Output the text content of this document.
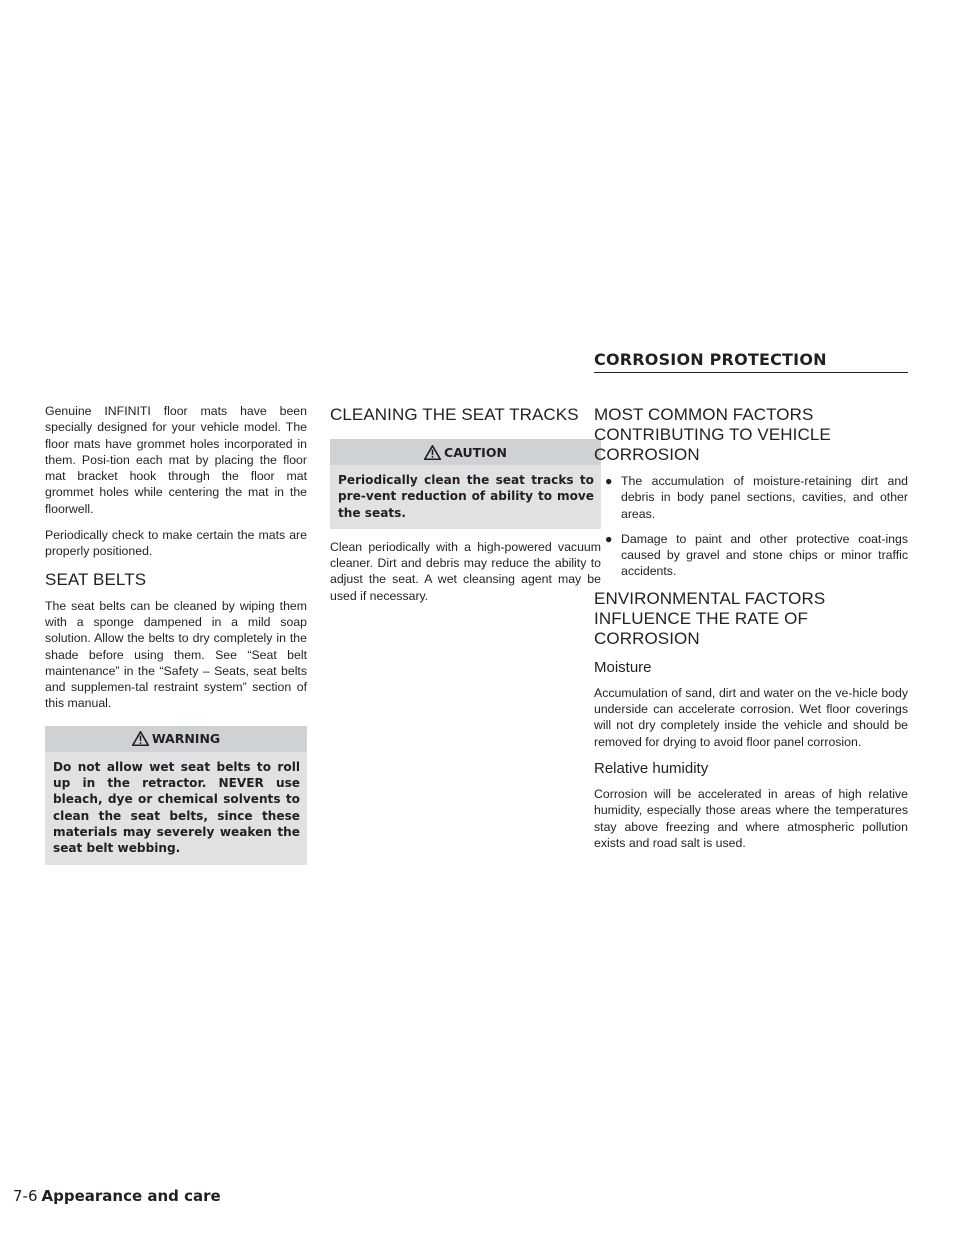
CORROSION PROTECTION

Genuine INFINITI floor mats have been specially designed for your vehicle model. The floor mats have grommet holes incorporated in them. Posi-tion each mat by placing the floor mat bracket hook through the floor mat grommet holes while centering the mat in the floorwell.

Periodically check to make certain the mats are properly positioned.

SEAT BELTS

The seat belts can be cleaned by wiping them with a sponge dampened in a mild soap solution. Allow the belts to dry completely in the shade before using them. See “Seat belt maintenance” in the “Safety – Seats, seat belts and supplemen-tal restraint system” section of this manual.

WARNING
Do not allow wet seat belts to roll up in the retractor. NEVER use bleach, dye or chemical solvents to clean the seat belts, since these materials may severely weaken the seat belt webbing.
CLEANING THE SEAT TRACKS
CAUTION
Periodically clean the seat tracks to pre-vent reduction of ability to move the seats.

Clean periodically with a high-powered vacuum cleaner. Dirt and debris may reduce the ability to adjust the seat. A wet cleansing agent may be used if necessary.

MOST COMMON FACTORS CONTRIBUTING TO VEHICLE CORROSION
● The accumulation of moisture-retaining dirt and debris in body panel sections, cavities, and other areas.
● Damage to paint and other protective coat-ings caused by gravel and stone chips or minor traffic accidents.
ENVIRONMENTAL FACTORS INFLUENCE THE RATE OF CORROSION
Moisture

Accumulation of sand, dirt and water on the ve-hicle body underside can accelerate corrosion. Wet floor coverings will not dry completely inside the vehicle and should be removed for drying to avoid floor panel corrosion.

Relative humidity

Corrosion will be accelerated in areas of high relative humidity, especially those areas where the temperatures stay above freezing and where atmospheric pollution exists and road salt is used.

7-6 Appearance and care
